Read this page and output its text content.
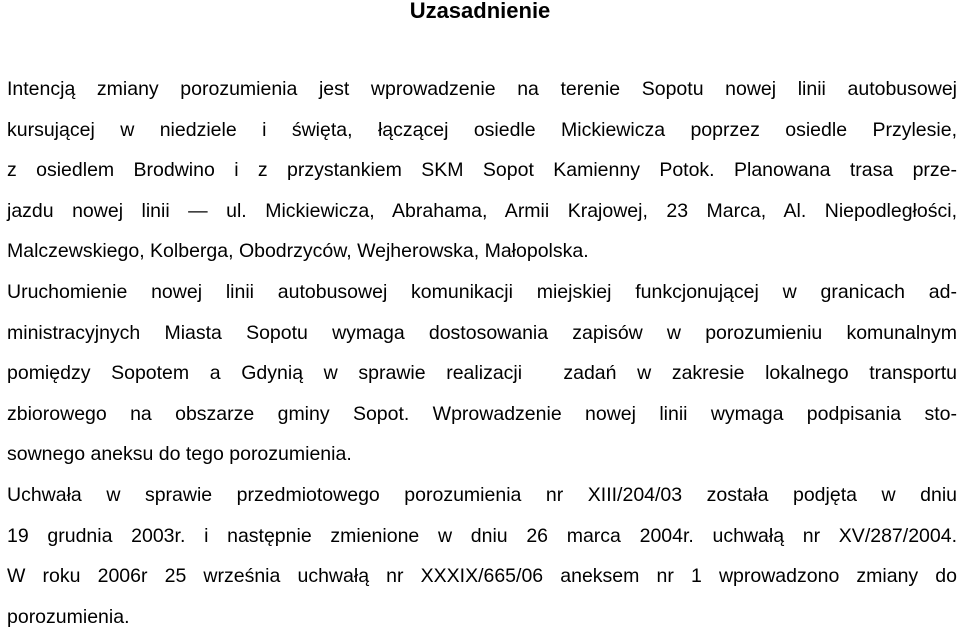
Uzasadnienie
Intencją zmiany porozumienia jest wprowadzenie na terenie Sopotu nowej linii autobusowej
kursującej w niedziele i święta, łączącej osiedle Mickiewicza poprzez osiedle Przylesie,
z osiedlem Brodwino i z przystankiem SKM Sopot Kamienny Potok. Planowana trasa prze-
jazdu nowej linii — ul. Mickiewicza, Abrahama, Armii Krajowej, 23 Marca, Al. Niepodległości,
Malczewskiego, Kolberga, Obodrzyców, Wejherowska, Małopolska.
Uruchomienie nowej linii autobusowej komunikacji miejskiej funkcjonującej w granicach ad-
ministracyjnych Miasta Sopotu wymaga dostosowania zapisów w porozumieniu komunalnym
pomiędzy Sopotem a Gdynią w sprawie realizacji  zadań w zakresie lokalnego transportu
zbiorowego na obszarze gminy Sopot. Wprowadzenie nowej linii wymaga podpisania sto-
sownego aneksu do tego porozumienia.
Uchwała w sprawie przedmiotowego porozumienia nr XIII/204/03 została podjęta w dniu
19 grudnia 2003r. i następnie zmienione w dniu 26 marca 2004r. uchwałą nr XV/287/2004.
W roku 2006r 25 września uchwałą nr XXXIX/665/06 aneksem nr 1 wprowadzono zmiany do
porozumienia.
